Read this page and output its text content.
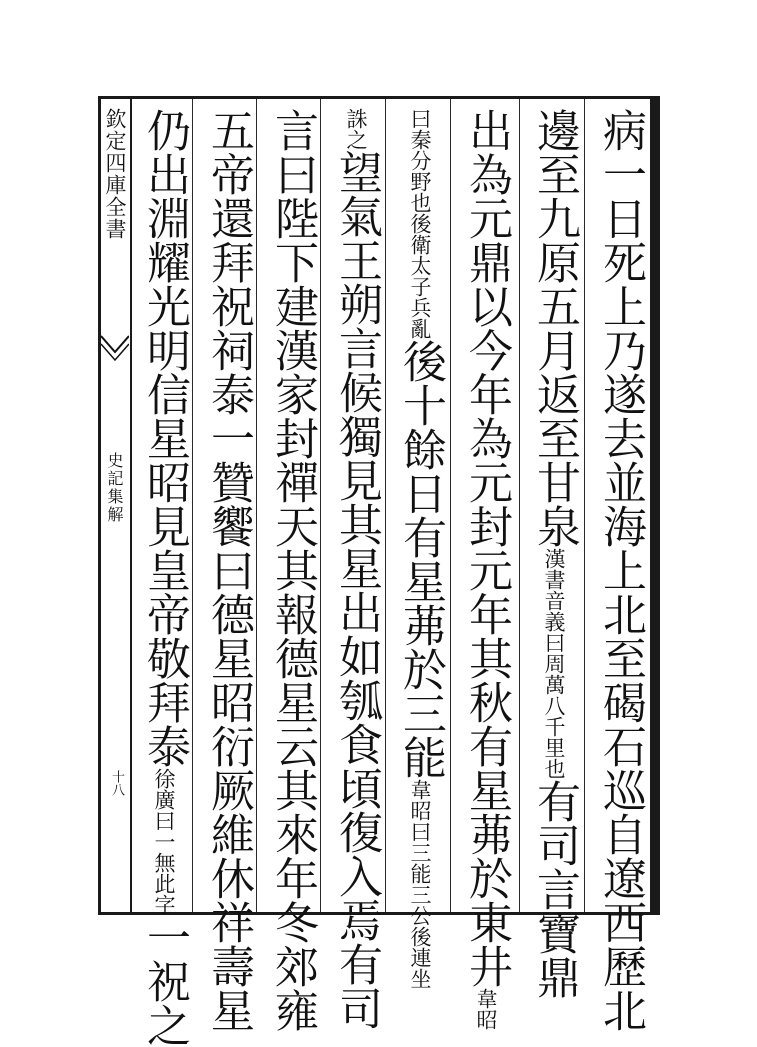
欽定四庫全書
史記集解
十八	病一日死上乃遂去並海上北至碣石巡自遼西歷北
邊至九原五月返至甘泉漢書音義曰周萬八千里也有司言寶鼎
出為元鼎以今年為元封元年其秋有星茀於東井韋昭
曰秦分野也後衛太子兵亂後十餘日有星茀於三能韋昭曰三能三公後連坐
誅之望氣王朔言候獨見其星出如瓠食頃復入焉有司
言曰陛下建漢家封禪天其報德星云其來年冬郊雍
五帝還拜祝祠泰一贊饗曰德星昭衍厥維休祥壽星
仍出淵耀光明信星昭見皇帝敬拜泰徐廣曰一無此字一祝之
